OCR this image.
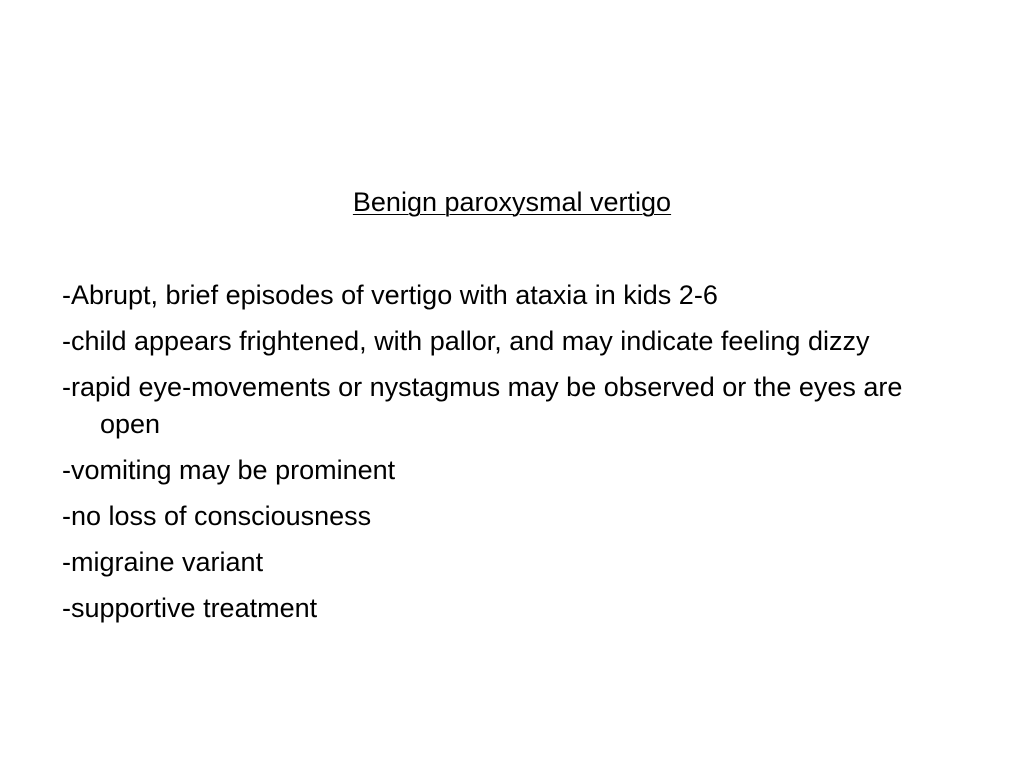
Benign paroxysmal vertigo
-Abrupt, brief episodes of vertigo with ataxia in kids 2-6
-child appears frightened, with pallor, and may indicate feeling dizzy
-rapid eye-movements or nystagmus may be observed or the eyes are open
-vomiting may be prominent
-no loss of consciousness
-migraine variant
-supportive treatment
